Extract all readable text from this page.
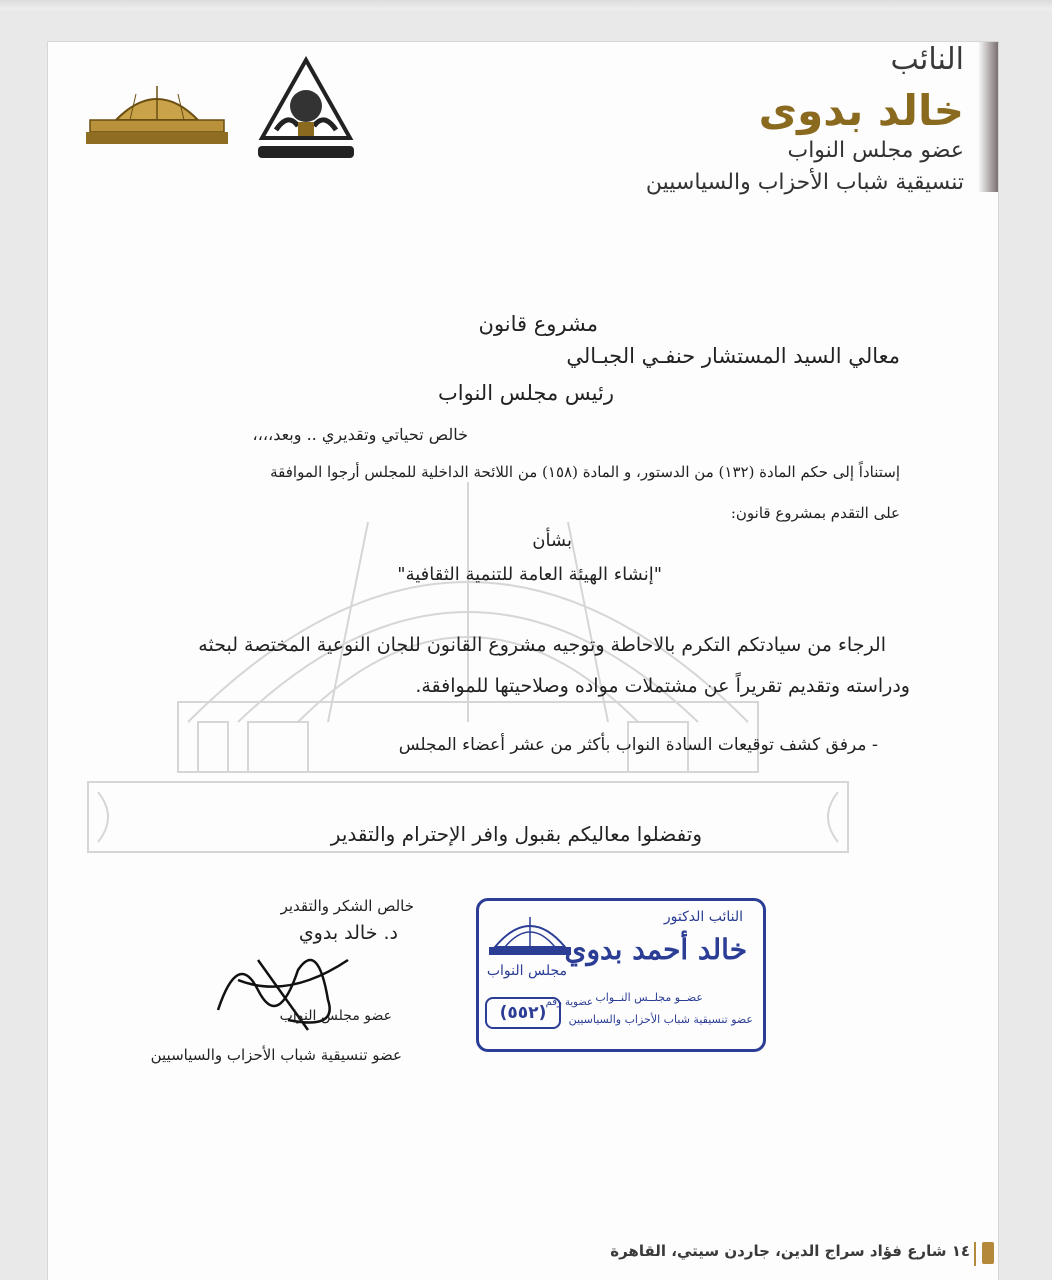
النائب
خالد بدوى
عضو مجلس النواب
تنسيقية شباب الأحزاب والسياسيين
مشروع قانون
معالي السيد المستشار حنفـي الجبـالي
رئيس مجلس النواب
خالص تحياتي وتقديري .. وبعد،،،،
إستناداً إلى حكم المادة (١٣٢) من الدستور، و المادة (١٥٨) من اللائحة الداخلية للمجلس أرجوا الموافقة
على التقدم بمشروع قانون:
بشأن
"إنشاء الهيئة العامة للتنمية الثقافية"
الرجاء من سيادتكم التكرم بالاحاطة وتوجيه مشروع القانون للجان النوعية المختصة لبحثه
ودراسته وتقديم تقريراً عن مشتملات مواده وصلاحيتها للموافقة.
- مرفق كشف توقيعات السادة النواب بأكثر من عشر أعضاء المجلس
وتفضلوا معاليكم بقبول وافر الإحترام والتقدير
خالص الشكر والتقدير
د. خالد بدوي
عضو مجلس النواب
عضو تنسيقية شباب الأحزاب والسياسيين
مجلس النواب
النائب الدكتور
خالد أحمد بدوي
عضوية رقم
(٥٥٢)
عضــو مجلــس النــواب
عضو تنسيقية شباب الأحزاب والسياسيين
١٤ شارع فؤاد سراج الدين، جاردن سيتي، القاهرة
